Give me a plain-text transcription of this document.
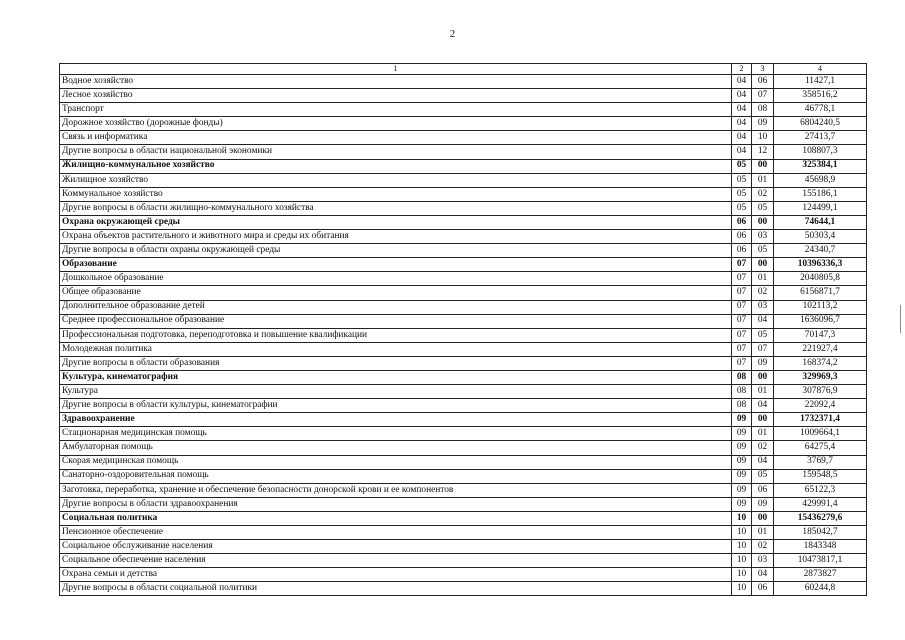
2
1	2	3	4
Водное хозяйство	04	06	11427,1
Лесное хозяйство	04	07	358516,2
Транспорт	04	08	46778,1
Дорожное хозяйство (дорожные фонды)	04	09	6804240,5
Связь и информатика	04	10	27413,7
Другие вопросы в области национальной экономики	04	12	108807,3
Жилищно-коммунальное хозяйство	05	00	325384,1
Жилищное хозяйство	05	01	45698,9
Коммунальное хозяйство	05	02	155186,1
Другие вопросы в области жилищно-коммунального хозяйства	05	05	124499,1
Охрана окружающей среды	06	00	74644,1
Охрана объектов растительного и животного мира и среды их обитания	06	03	50303,4
Другие вопросы в области охраны окружающей среды	06	05	24340,7
Образование	07	00	10396336,3
Дошкольное образование	07	01	2040805,8
Общее образование	07	02	6156871,7
Дополнительное образование детей	07	03	102113,2
Среднее профессиональное образование	07	04	1636096,7
Профессиональная подготовка, переподготовка и повышение квалификации	07	05	70147,3
Молодежная политика	07	07	221927,4
Другие вопросы в области образования	07	09	168374,2
Культура, кинематография	08	00	329969,3
Культура	08	01	307876,9
Другие вопросы в области культуры, кинематографии	08	04	22092,4
Здравоохранение	09	00	1732371,4
Стационарная медицинская помощь	09	01	1009664,1
Амбулаторная помощь	09	02	64275,4
Скорая медицинская помощь	09	04	3769,7
Санаторно-оздоровительная помощь	09	05	159548,5
Заготовка, переработка, хранение и обеспечение безопасности донорской крови и ее компонентов	09	06	65122,3
Другие вопросы в области здравоохранения	09	09	429991,4
Социальная политика	10	00	15436279,6
Пенсионное обеспечение	10	01	185042,7
Социальное обслуживание населения	10	02	1843348
Социальное обеспечение населения	10	03	10473817,1
Охрана семьи и детства	10	04	2873827
Другие вопросы в области социальной политики	10	06	60244,8
